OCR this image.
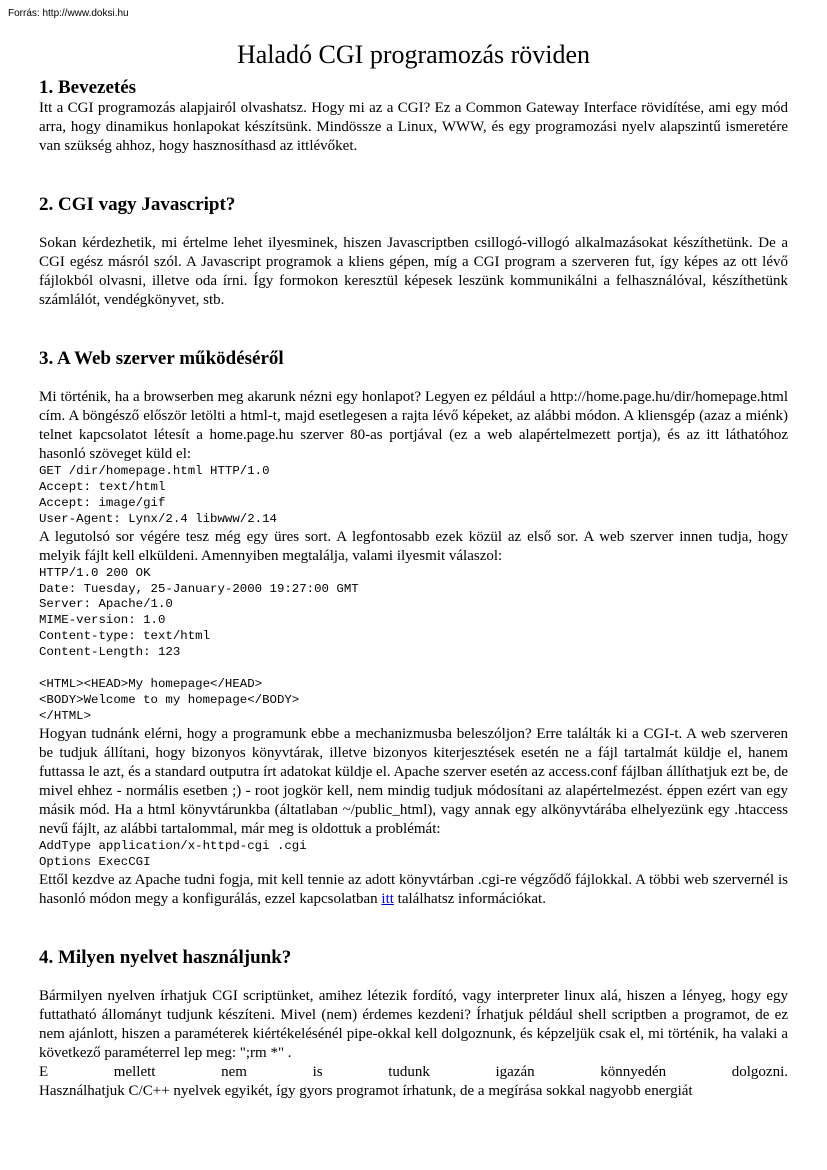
Forrás: http://www.doksi.hu
Haladó CGI programozás röviden
1. Bevezetés

Itt a CGI programozás alapjairól olvashatsz. Hogy mi az a CGI? Ez a Common Gateway Interface rövidítése, ami egy mód arra, hogy dinamikus honlapokat készítsünk. Mindössze a Linux, WWW, és egy programozási nyelv alapszintű ismeretére van szükség ahhoz, hogy hasznosíthasd az ittlévőket.

2. CGI vagy Javascript?

Sokan kérdezhetik, mi értelme lehet ilyesminek, hiszen Javascriptben csillogó-villogó alkalmazásokat készíthetünk. De a CGI egész másról szól. A Javascript programok a kliens gépen, míg a CGI program a szerveren fut, így képes az ott lévő fájlokból olvasni, illetve oda írni. Így formokon keresztül képesek leszünk kommunikálni a felhasználóval, készíthetünk számlálót, vendégkönyvet, stb.

3. A Web szerver működéséről

Mi történik, ha a browserben meg akarunk nézni egy honlapot? Legyen ez például a http://home.page.hu/dir/homepage.html cím. A böngésző először letölti a html-t, majd esetlegesen a rajta lévő képeket, az alábbi módon. A kliensgép (azaz a miénk) telnet kapcsolatot létesít a home.page.hu szerver 80-as portjával (ez a web alapértelmezett portja), és az itt láthatóhoz hasonló szöveget küld el:

GET /dir/homepage.html HTTP/1.0
Accept: text/html
Accept: image/gif
User-Agent: Lynx/2.4 libwww/2.14

A legutolsó sor végére tesz még egy üres sort. A legfontosabb ezek közül az első sor. A web szerver innen tudja, hogy melyik fájlt kell elküldeni. Amennyiben megtalálja, valami ilyesmit válaszol:

HTTP/1.0 200 OK
Date: Tuesday, 25-January-2000 19:27:00 GMT
Server: Apache/1.0
MIME-version: 1.0
Content-type: text/html
Content-Length: 123

<HTML><HEAD>My homepage</HEAD>
<BODY>Welcome to my homepage</BODY>
</HTML>

Hogyan tudnánk elérni, hogy a programunk ebbe a mechanizmusba beleszóljon? Erre találták ki a CGI-t. A web szerveren be tudjuk állítani, hogy bizonyos könyvtárak, illetve bizonyos kiterjesztések esetén ne a fájl tartalmát küldje el, hanem futtassa le azt, és a standard outputra írt adatokat küldje el. Apache szerver esetén az access.conf fájlban állíthatjuk ezt be, de mivel ehhez - normális esetben ;) - root jogkör kell, nem mindig tudjuk módosítani az alapértelmezést. éppen ezért van egy másik mód. Ha a html könyvtárunkba (áltatlaban ~/public_html), vagy annak egy alkönyvtárába elhelyezünk egy .htaccess nevű fájlt, az alábbi tartalommal, már meg is oldottuk a problémát:

AddType application/x-httpd-cgi .cgi
Options ExecCGI

Ettől kezdve az Apache tudni fogja, mit kell tennie az adott könyvtárban .cgi-re végződő fájlokkal. A többi web szervernél is hasonló módon megy a konfigurálás, ezzel kapcsolatban itt találhatsz információkat.

4. Milyen nyelvet használjunk?

Bármilyen nyelven írhatjuk CGI scriptünket, amihez létezik fordító, vagy interpreter linux alá, hiszen a lényeg, hogy egy futtatható állományt tudjunk készíteni. Mivel (nem) érdemes kezdeni? Írhatjuk például shell scriptben a programot, de ez nem ajánlott, hiszen a paraméterek kiértékelésénél pipe-okkal kell dolgoznunk, és képzeljük csak el, mi történik, ha valaki a következő paraméterrel lep meg: ";rm *" .

E mellett nem is tudunk igazán könnyedén dolgozni.

Használhatjuk C/C++ nyelvek egyikét, így gyors programot írhatunk, de a megírása sokkal nagyobb energiát
